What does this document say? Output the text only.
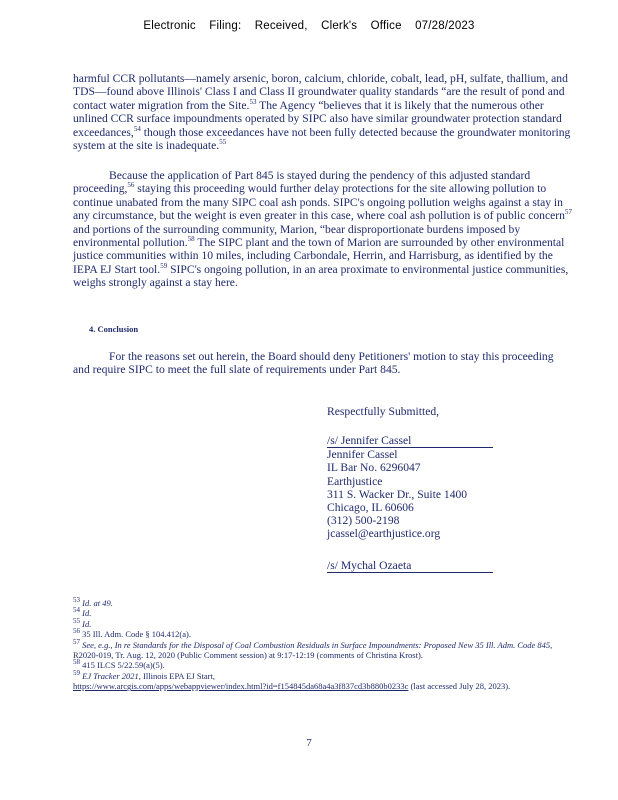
Electronic Filing: Received, Clerk's Office 07/28/2023
harmful CCR pollutants—namely arsenic, boron, calcium, chloride, cobalt, lead, pH, sulfate, thallium, and TDS—found above Illinois' Class I and Class II groundwater quality standards “are the result of pond and contact water migration from the Site.$^{53}$ The Agency “believes that it is likely that the numerous other unlined CCR surface impoundments operated by SIPC also have similar groundwater protection standard exceedances,$^{54}$ though those exceedances have not been fully detected because the groundwater monitoring system at the site is inadequate.$^{55}$
Because the application of Part 845 is stayed during the pendency of this adjusted standard proceeding,$^{56}$ staying this proceeding would further delay protections for the site allowing pollution to continue unabated from the many SIPC coal ash ponds. SIPC's ongoing pollution weighs against a stay in any circumstance, but the weight is even greater in this case, where coal ash pollution is of public concern$^{57}$ and portions of the surrounding community, Marion, “bear disproportionate burdens imposed by environmental pollution.$^{58}$ The SIPC plant and the town of Marion are surrounded by other environmental justice communities within 10 miles, including Carbondale, Herrin, and Harrisburg, as identified by the IEPA EJ Start tool.$^{59}$ SIPC's ongoing pollution, in an area proximate to environmental justice communities, weighs strongly against a stay here.
4. Conclusion
For the reasons set out herein, the Board should deny Petitioners' motion to stay this proceeding and require SIPC to meet the full slate of requirements under Part 845.
Respectfully Submitted,
/s/ Jennifer Cassel
Jennifer Cassel
IL Bar No. 6296047
Earthjustice
311 S. Wacker Dr., Suite 1400
Chicago, IL 60606
(312) 500-2198
jcassel@earthjustice.org
/s/ Mychal Ozaeta
$^{53}$ Id. at 49.
$^{54}$ Id.
$^{55}$ Id.
$^{56}$ 35 Ill. Adm. Code § 104.412(a).
$^{57}$ See, e.g., In re Standards for the Disposal of Coal Combustion Residuals in Surface Impoundments: Proposed New 35 Ill. Adm. Code 845, R2020-019, Tr. Aug. 12, 2020 (Public Comment session) at 9:17-12:19 (comments of Christina Krost).
$^{58}$ 415 ILCS 5/22.59(a)(5).
$^{59}$ EJ Tracker 2021, Illinois EPA EJ Start,
https://www.arcgis.com/apps/webappviewer/index.html?id=f154845da68a4a3f837cd3b880b0233c (last accessed July 28, 2023).
7
